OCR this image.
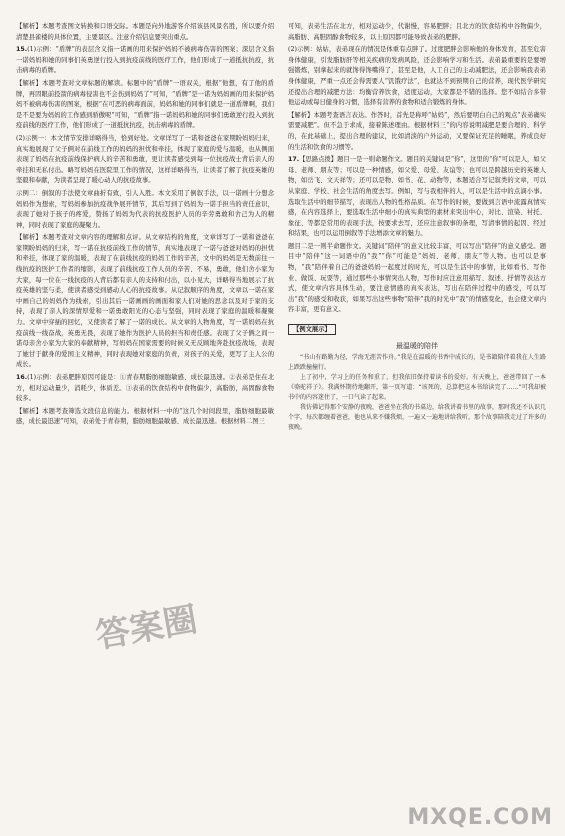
【解析】本题考查图文转换和口语交际。本题是向外地游客介绍该县风景名胜，所以要介绍清楚县雀楼的具体位置，主要景区。注意介绍信息要突出重点。

15.(1)示例：“盾牌”的表层含义指一诺画的用来保护妈妈不被病毒伤害的图案；深层含义指一诺妈妈和她的同事们英勇逆行投入到抗疫前线的医疗工作，他们形成了一道抵抗抗疫，抗击病毒的盾牌。

【解析】本题考查对文章标题的解读。标题中的“盾牌”一语双关，根据“他想，有了他的盾牌，再因眼前投箭的病毒侵害也不会伤到妈妈了”可知，“盾牌”是一诺为妈妈画的用来保护妈妈不被病毒伤害的图案，根据“在可恶的病毒面前，妈妈和她的同事们就是一道盾牌啊，我们是不是要为妈妈的工作感到骄傲呢”可知，“盾牌”指一诺妈妈和她的同事们勇敢逆行投入到抗疫前线的医疗工作，他们形成了一道抵抗抗疫，抗击病毒的盾牌。

(2)示例一：本文情节安排详略得当，恰到好处。文章详写了一诺和爸爸在家期盼妈妈归来，真实地展现了父子俩对在前线工作的妈妈的担忧和牵挂，体现了家庭的爱与温暖，也从侧面表现了妈妈在抗疫前线保护病人的辛苦和勇敢，更让读者感受到每一位抗疫战士背后亲人的牵挂和无私付出。略写妈妈在医院里工作的情况，这样详略得当，让读者了解了抗疫英雄的坚毅和奉献，为读者呈现了暖心动人的抗疫故事。

示例二：倒叙的手法使文章曲折有致，引人入胜。本文采用了倒叙手法，以一诺画十分想念妈妈作为想索，写妈妈参加抗疫战争展开情节，其后写到了妈妈为一诺手担当的责任意识，表现了她对于孩子的疼爱，赞扬了妈妈为代表的抗疫医护人员的辛劳勇敢和舍己为人的精神，同时表现了家庭的凝聚力。

【解析】本题考查对文章内容的理解和点评。从文章结构的角度，文章详写了一诺和爸爸在家期盼妈妈的归来，写一诺在抗疫前线工作的情节，真实地表现了一诺与爸爸对妈妈的担忧和牵挂，体现了家的温暖，表现了在前线抗疫的妈妈工作的辛苦，文中的妈妈是无数前往一线抗疫的医护工作者的缩影，表现了前线抗疫工作人员的辛苦、不易，勇敢，他们舍小家为大家，每一位在一线抗疫的人背后都有亲人的支持和付出，以小见大，详略得当地展示了抗疫英雄的坚与柔，使读者感受到感动人心的抗疫故事。从记叙顺序的角度，文章以一诺在家中画自己的妈妈作为线索，引出其后一诺画画的画面和家人们对她的思念以及对于家的支持，表现了亲人的深情厚爱和一诺勇敢阳光的心态与坚强，同时表现了家庭的温暖和凝聚力。文章中穿插的回忆，又使读者了解了一诺的成长。从文章的人物角度，写一诺妈妈在抗疫前线一线奋战，英勇无畏，表现了她作为医护人员的担当和责任感。表现了父子俩之间一诺母亲舍小家为大家的奉献精神，写妈妈在国家需要的时候义无反顾地奔赴抗疫战场，表现了她甘于献身的爱国主义精神，同时表现她对家庭的负责，对孩子的关爱，更写了主人公的成长。

16.(1)示例：表弟肥胖原因可能是：①青春期脂肪细胞敏感、成长最迅速。②表弟是住在北方，相对运动量少，消耗少，体质差。③表弟的饮食结构中食物偏少，高脂肪，高固醇食物较多。

【解析】本题考查筛选文段信息的能力。根据材料一中的“这几个时间段里，脂肪细胞最敏感，成长最迅速”可知，表弟处于青春期，脂肪细胞最敏感、成长最迅速。根据材料二图三

可知，表弟生活在北方，相对运动少，代谢慢，容易肥胖；且北方的饮食结构中谷物偏少，高脂肪、高胆固醇食物较多，以上原因都可能导致表弟的肥胖。

(2)示例：姑姑，表弟现在的情况是体重有点胖了。过度肥胖会影响他的身体发育，甚至危害身体健康，引发脂肪肝等相关疾病的发病风险，还会影响学习和生活。表弟最重要的是要增强锻炼，别拿起来的就馋得馋嘴得了，甚至是他，人工自己的主动减肥法，还会影响我表弟身体健康，严重一点还会得需要人“饥饿疗法”，也就达不到预期自己的营养，现代医学研究还提出合理的减肥方法：均衡营养饮食，适度运动，大家都是不错的选择。您不如结合多带他运动或每日健身的习惯，选择有营养的食物和适合锻炼的身体。

【解析】本题考查语言表达。作答时，首先是称呼“姑妈”，然后要明白自己的观点“表弟确实需要减肥”。但不急于求成，接着陈述理由。根据材料三“的内容说明减肥是要合理的、科学的，在此基础上，提出合理的建议，比如清淡的户外运动，又要保证充足的睡眠，养成良好的生活和饮食的习惯等。

17.【思路点拨】题目一是一则命题作文。题目的关键词是“你”，这里的“你”可以是人，如父母、老师、朋友等；可以是一种情感，如父爱、母爱、友谊等；也可以是跨越历史的英雄人物，如岳飞、文天祥等；还可以是物、如书、花、动物等，本题适合写记叙类的文章，可以从家庭、学校、社会生活的角度去写。例如，写与我相伴的人，可以是生活中的点滴小事。选取生活中的细节描写，表现出人物的性格品质。在写作的时候，要做到言语中流露真情实感，在内容选择上，要选取生活中细小的真实典型的素材来突出中心，对比、渲染、衬托、象征、等都是常用的表现手法，按要求去写，还应注意叙事的条理，写清事情的起因、经过和结果，也可以运用倒叙等手法增添文章的魅力。

题目二是一则半命题作文。关键词“陪伴”的意义比较丰富，可以写出“陪伴”的意义感受。题目中“陪伴”这一词语中的“我”“你”可能是“妈妈、老师、朋友”等人物。也可以是事物，“我”陪伴着自己的爸爸妈妈一起度过的时光，可以是生活中的事情，比如看书、写作业、做饭、玩耍等，通过那些小事情突出人物，写作时应注意用描写、叙述、抒情等表达方式，使文章内容具体生动，要注意情感的真实表达，写出在陪伴过程中的感受，可以写出“我”的感受和收获，如果写出这些事物“陪伴”我的时光中“我”的情感变化，也会使文章内容丰富，更有意义。

【例文展示】
最温暖的陪伴

“书山有路勤为径，学海无涯苦作舟。”我是在温暖的书香中成长的，是书籍陪伴着我在人生路上跌跌撞撞行。

上了初中，学习上的任务和重了，但我依旧保持着读书的爱好。有天晚上，爸爸带回了一本《骆驼祥子》。我满怀期待地翻开，第一页写道：“该死的，总算把这本书给读完了……”可我却被书中的内容迷住了，一口气读了起来。

我仿佛记得那个安静的夜晚，爸爸坐在我的书桌边，给我讲着书里的故事，那时我还不认识几个字，每次都缠着爸爸，他也从来不嫌我烦，一遍又一遍地讲给我听，那个故事陪我走过了许多的夜晚。

答案圈
MXQE.COM
